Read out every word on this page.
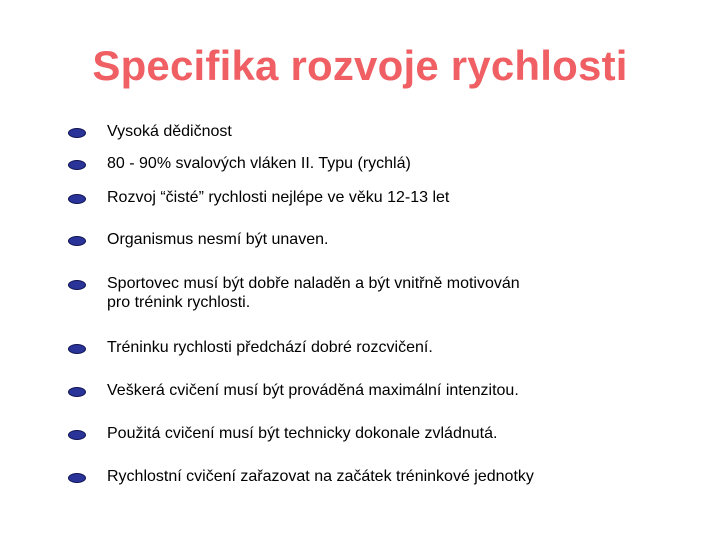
Specifika rozvoje rychlosti
Vysoká dědičnost
80 - 90% svalových vláken II. Typu (rychlá)
Rozvoj “čisté” rychlosti nejlépe ve věku 12-13 let
Organismus nesmí být unaven.
Sportovec musí být dobře naladěn a být vnitřně motivován
pro trénink rychlosti.
Tréninku rychlosti předchází dobré rozcvičení.
Veškerá cvičení musí být prováděná maximální intenzitou.
Použitá cvičení musí být technicky dokonale zvládnutá.
Rychlostní cvičení zařazovat na začátek tréninkové jednotky
